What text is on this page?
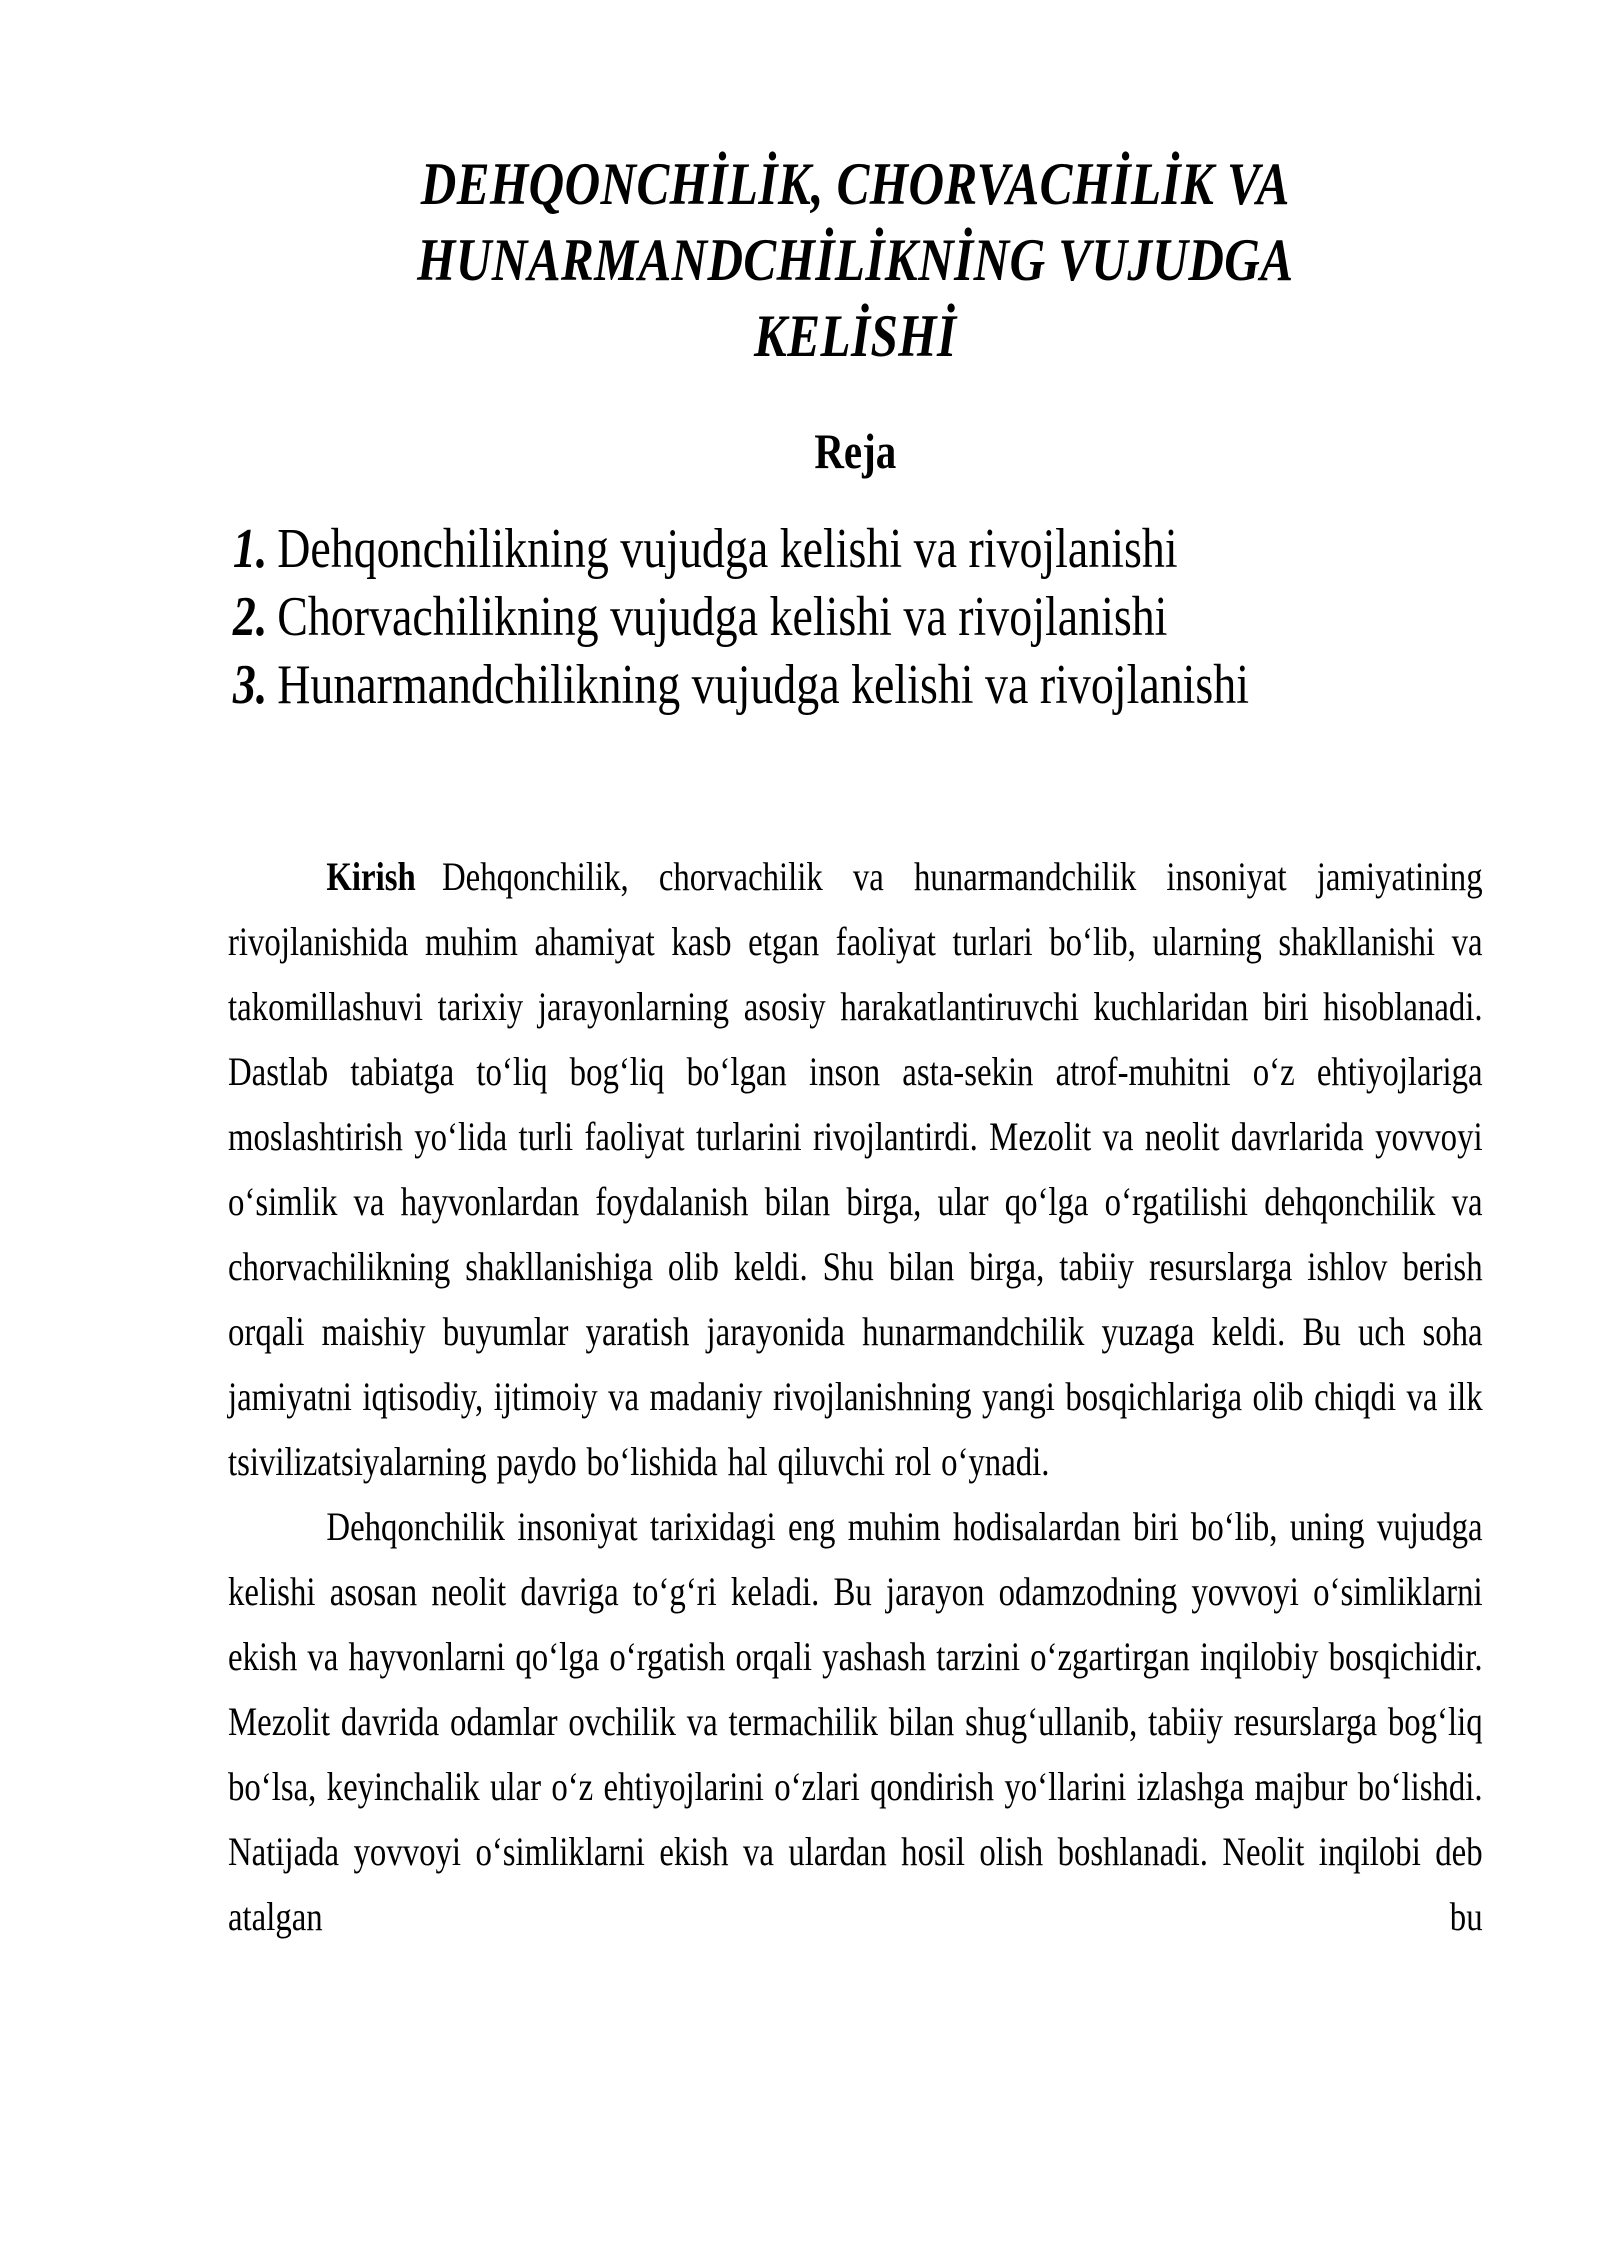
DEHQONCHİLİK, CHORVACHİLİK VA
HUNARMANDCHİLİKNİNG VUJUDGA
KELİSHİ
Reja
1. Dehqonchilikning vujudga kelishi va rivojlanishi
2. Chorvachilikning vujudga kelishi va rivojlanishi
3. Hunarmandchilikning vujudga kelishi va rivojlanishi

Kirish Dehqonchilik, chorvachilik va hunarmandchilik insoniyat jamiyatining rivojlanishida muhim ahamiyat kasb etgan faoliyat turlari bo‘lib, ularning shakllanishi va takomillashuvi tarixiy jarayonlarning asosiy harakatlantiruvchi kuchlaridan biri hisoblanadi. Dastlab tabiatga to‘liq bog‘liq bo‘lgan inson asta-sekin atrof-muhitni o‘z ehtiyojlariga moslashtirish yo‘lida turli faoliyat turlarini rivojlantirdi. Mezolit va neolit davrlarida yovvoyi o‘simlik va hayvonlardan foydalanish bilan birga, ular qo‘lga o‘rgatilishi dehqonchilik va chorvachilikning shakllanishiga olib keldi. Shu bilan birga, tabiiy resurslarga ishlov berish orqali maishiy buyumlar yaratish jarayonida hunarmandchilik yuzaga keldi. Bu uch soha jamiyatni iqtisodiy, ijtimoiy va madaniy rivojlanishning yangi bosqichlariga olib chiqdi va ilk tsivilizatsiyalarning paydo bo‘lishida hal qiluvchi rol o‘ynadi.

Dehqonchilik insoniyat tarixidagi eng muhim hodisalardan biri bo‘lib, uning vujudga kelishi asosan neolit davriga to‘g‘ri keladi. Bu jarayon odamzodning yovvoyi o‘simliklarni ekish va hayvonlarni qo‘lga o‘rgatish orqali yashash tarzini o‘zgartirgan inqilobiy bosqichidir. Mezolit davrida odamlar ovchilik va termachilik bilan shug‘ullanib, tabiiy resurslarga bog‘liq bo‘lsa, keyinchalik ular o‘z ehtiyojlarini o‘zlari qondirish yo‘llarini izlashga majbur bo‘lishdi. Natijada yovvoyi o‘simliklarni ekish va ulardan hosil olish boshlanadi. Neolit inqilobi deb atalgan bu
